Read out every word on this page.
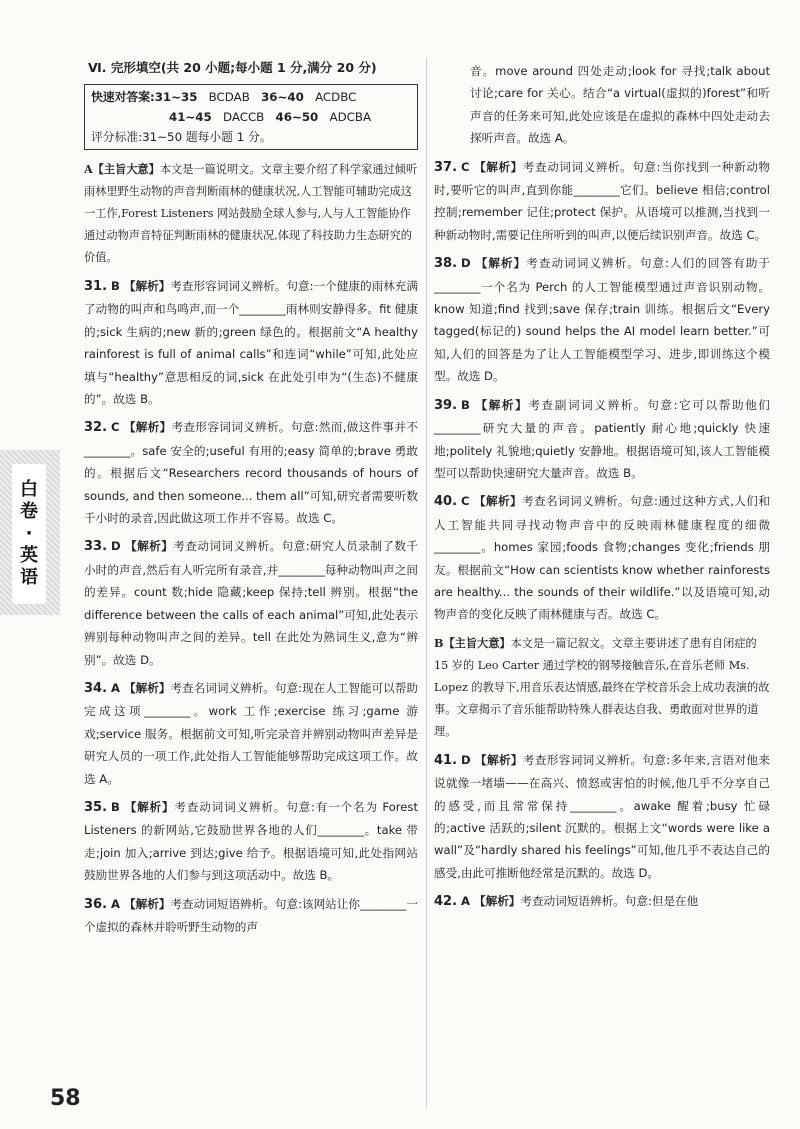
白
卷
·
英
语
Ⅵ. 完形填空(共 20 小题;每小题 1 分,满分 20 分)
快速对答案:31~35 BCDAB 36~40 ACDBC
41~45 DACCB 46~50 ADCBA
评分标准:31~50 题每小题 1 分。

A【主旨大意】本文是一篇说明文。文章主要介绍了科学家通过倾听雨林里野生动物的声音判断雨林的健康状况,人工智能可辅助完成这一工作,Forest Listeners 网站鼓励全球人参与,人与人工智能协作通过动物声音特征判断雨林的健康状况,体现了科技助力生态研究的价值。

31. B 【解析】考查形容词词义辨析。句意:一个健康的雨林充满了动物的叫声和鸟鸣声,而一个________雨林则安静得多。fit 健康的;sick 生病的;new 新的;green 绿色的。根据前文“A healthy rainforest is full of animal calls”和连词“while”可知,此处应填与“healthy”意思相反的词,sick 在此处引申为“(生态)不健康的”。故选 B。

32. C 【解析】考查形容词词义辨析。句意:然而,做这件事并不________。safe 安全的;useful 有用的;easy 简单的;brave 勇敢的。根据后文“Researchers record thousands of hours of sounds, and then someone... them all”可知,研究者需要听数千小时的录音,因此做这项工作并不容易。故选 C。

33. D 【解析】考查动词词义辨析。句意:研究人员录制了数千小时的声音,然后有人听完所有录音,并________每种动物叫声之间的差异。count 数;hide 隐藏;keep 保持;tell 辨别。根据“the difference between the calls of each animal”可知,此处表示辨别每种动物叫声之间的差异。tell 在此处为熟词生义,意为“辨别”。故选 D。

34. A 【解析】考查名词词义辨析。句意:现在人工智能可以帮助完成这项________。work 工作;exercise 练习;game 游戏;service 服务。根据前文可知,听完录音并辨别动物叫声差异是研究人员的一项工作,此处指人工智能能够帮助完成这项工作。故选 A。

35. B 【解析】考查动词词义辨析。句意:有一个名为 Forest Listeners 的新网站,它鼓励世界各地的人们________。take 带走;join 加入;arrive 到达;give 给予。根据语境可知,此处指网站鼓励世界各地的人们参与到这项活动中。故选 B。

36. A 【解析】考查动词短语辨析。句意:该网站让你________一个虚拟的森林并聆听野生动物的声

音。move around 四处走动;look for 寻找;talk about 讨论;care for 关心。结合“a virtual(虚拟的)forest”和听声音的任务来可知,此处应该是在虚拟的森林中四处走动去探听声音。故选 A。

37. C 【解析】考查动词词义辨析。句意:当你找到一种新动物时,要听它的叫声,直到你能________它们。believe 相信;control 控制;remember 记住;protect 保护。从语境可以推测,当找到一种新动物时,需要记住所听到的叫声,以便后续识别声音。故选 C。

38. D 【解析】考查动词词义辨析。句意:人们的回答有助于________一个名为 Perch 的人工智能模型通过声音识别动物。know 知道;find 找到;save 保存;train 训练。根据后文“Every tagged(标记的) sound helps the AI model learn better.”可知,人们的回答是为了让人工智能模型学习、进步,即训练这个模型。故选 D。

39. B 【解析】考查副词词义辨析。句意:它可以帮助他们________研究大量的声音。patiently 耐心地;quickly 快速地;politely 礼貌地;quietly 安静地。根据语境可知,该人工智能模型可以帮助快速研究大量声音。故选 B。

40. C 【解析】考查名词词义辨析。句意:通过这种方式,人们和人工智能共同寻找动物声音中的反映雨林健康程度的细微________。homes 家园;foods 食物;changes 变化;friends 朋友。根据前文“How can scientists know whether rainforests are healthy... the sounds of their wildlife.”以及语境可知,动物声音的变化反映了雨林健康与否。故选 C。

B【主旨大意】本文是一篇记叙文。文章主要讲述了患有自闭症的 15 岁的 Leo Carter 通过学校的钢琴接触音乐,在音乐老师 Ms. Lopez 的教导下,用音乐表达情感,最终在学校音乐会上成功表演的故事。文章揭示了音乐能帮助特殊人群表达自我、勇敢面对世界的道理。

41. D 【解析】考查形容词词义辨析。句意:多年来,言语对他来说就像一堵墙——在高兴、愤怒或害怕的时候,他几乎不分享自己的感受,而且常常保持________。awake 醒着;busy 忙碌的;active 活跃的;silent 沉默的。根据上文“words were like a wall”及“hardly shared his feelings”可知,他几乎不表达自己的感受,由此可推断他经常是沉默的。故选 D。

42. A 【解析】考查动词短语辨析。句意:但是在他

58
